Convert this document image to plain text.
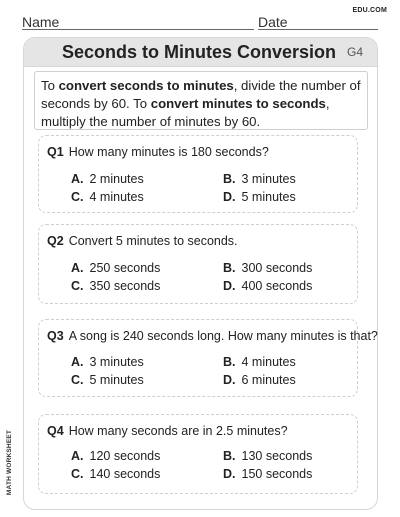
Name	Date
EDU.COM
MATH WORKSHEET
Seconds to Minutes Conversion G4
To convert seconds to minutes, divide the number of seconds by 60. To convert minutes to seconds, multiply the number of minutes by 60.
Q1 How many minutes is 180 seconds?
A. 2 minutes	B. 3 minutes
C. 4 minutes	D. 5 minutes
Q2 Convert 5 minutes to seconds.
A. 250 seconds	B. 300 seconds
C. 350 seconds	D. 400 seconds
Q3 A song is 240 seconds long. How many minutes is that?
A. 3 minutes	B. 4 minutes
C. 5 minutes	D. 6 minutes
Q4 How many seconds are in 2.5 minutes?
A. 120 seconds	B. 130 seconds
C. 140 seconds	D. 150 seconds
